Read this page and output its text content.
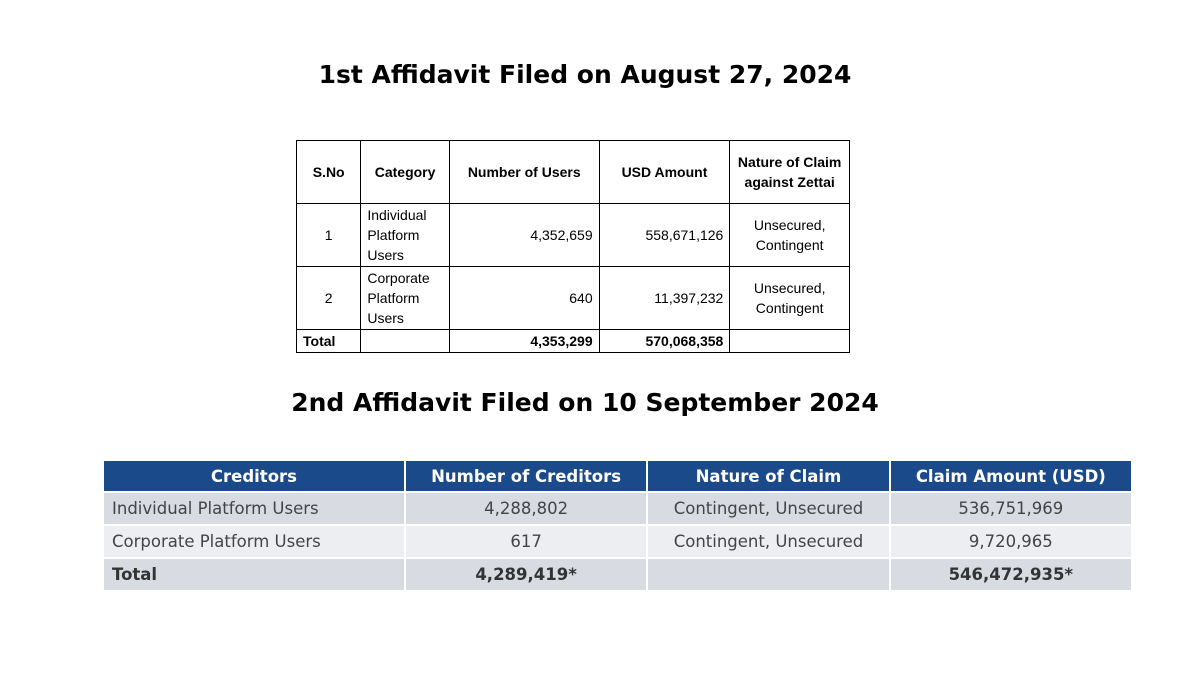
1st Affidavit Filed on August 27, 2024
S.No	Category	Number of Users	USD Amount	Nature of Claim against Zettai
1	Individual Platform Users	4,352,659	558,671,126	Unsecured, Contingent
2	Corporate Platform Users	640	11,397,232	Unsecured, Contingent
Total		4,353,299	570,068,358	
2nd Affidavit Filed on 10 September 2024
Creditors	Number of Creditors	Nature of Claim	Claim Amount (USD)
Individual Platform Users	4,288,802	Contingent, Unsecured	536,751,969
Corporate Platform Users	617	Contingent, Unsecured	9,720,965
Total	4,289,419*		546,472,935*
